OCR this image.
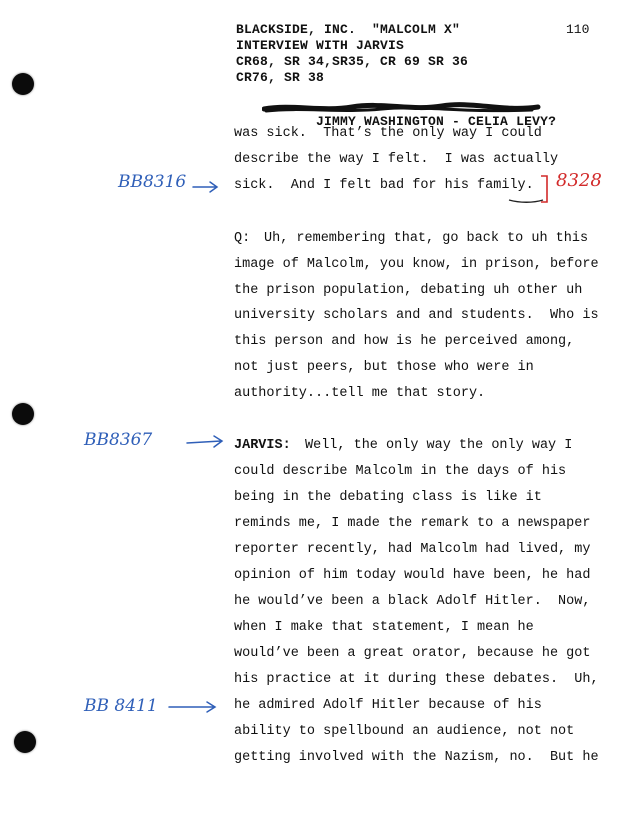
BLACKSIDE, INC.  "MALCOLM X"
INTERVIEW WITH JARVIS
CR68, SR 34,SR35, CR 69 SR 36
CR76, SR 38

JIMMY WASHINGTON - CELIA LEVY?

110
was sick.  That’s the only way I could
describe the way I felt.  I was actually
sick.  And I felt bad for his family.
BB8316	8328
Q: Uh, remembering that, go back to uh this
image of Malcolm, you know, in prison, before
the prison population, debating uh other uh
university scholars and and students.  Who is
this person and how is he perceived among,
not just peers, but those who were in
authority...tell me that story.
BB8367	JARVIS: Well, the only way the only way I
could describe Malcolm in the days of his
being in the debating class is like it
reminds me, I made the remark to a newspaper
reporter recently, had Malcolm had lived, my
opinion of him today would have been, he had
he would’ve been a black Adolf Hitler.  Now,
when I make that statement, I mean he
would’ve been a great orator, because he got
his practice at it during these debates.  Uh,
he admired Adolf Hitler because of his
ability to spellbound an audience, not not
getting involved with the Nazism, no.  But he
BB 8411
